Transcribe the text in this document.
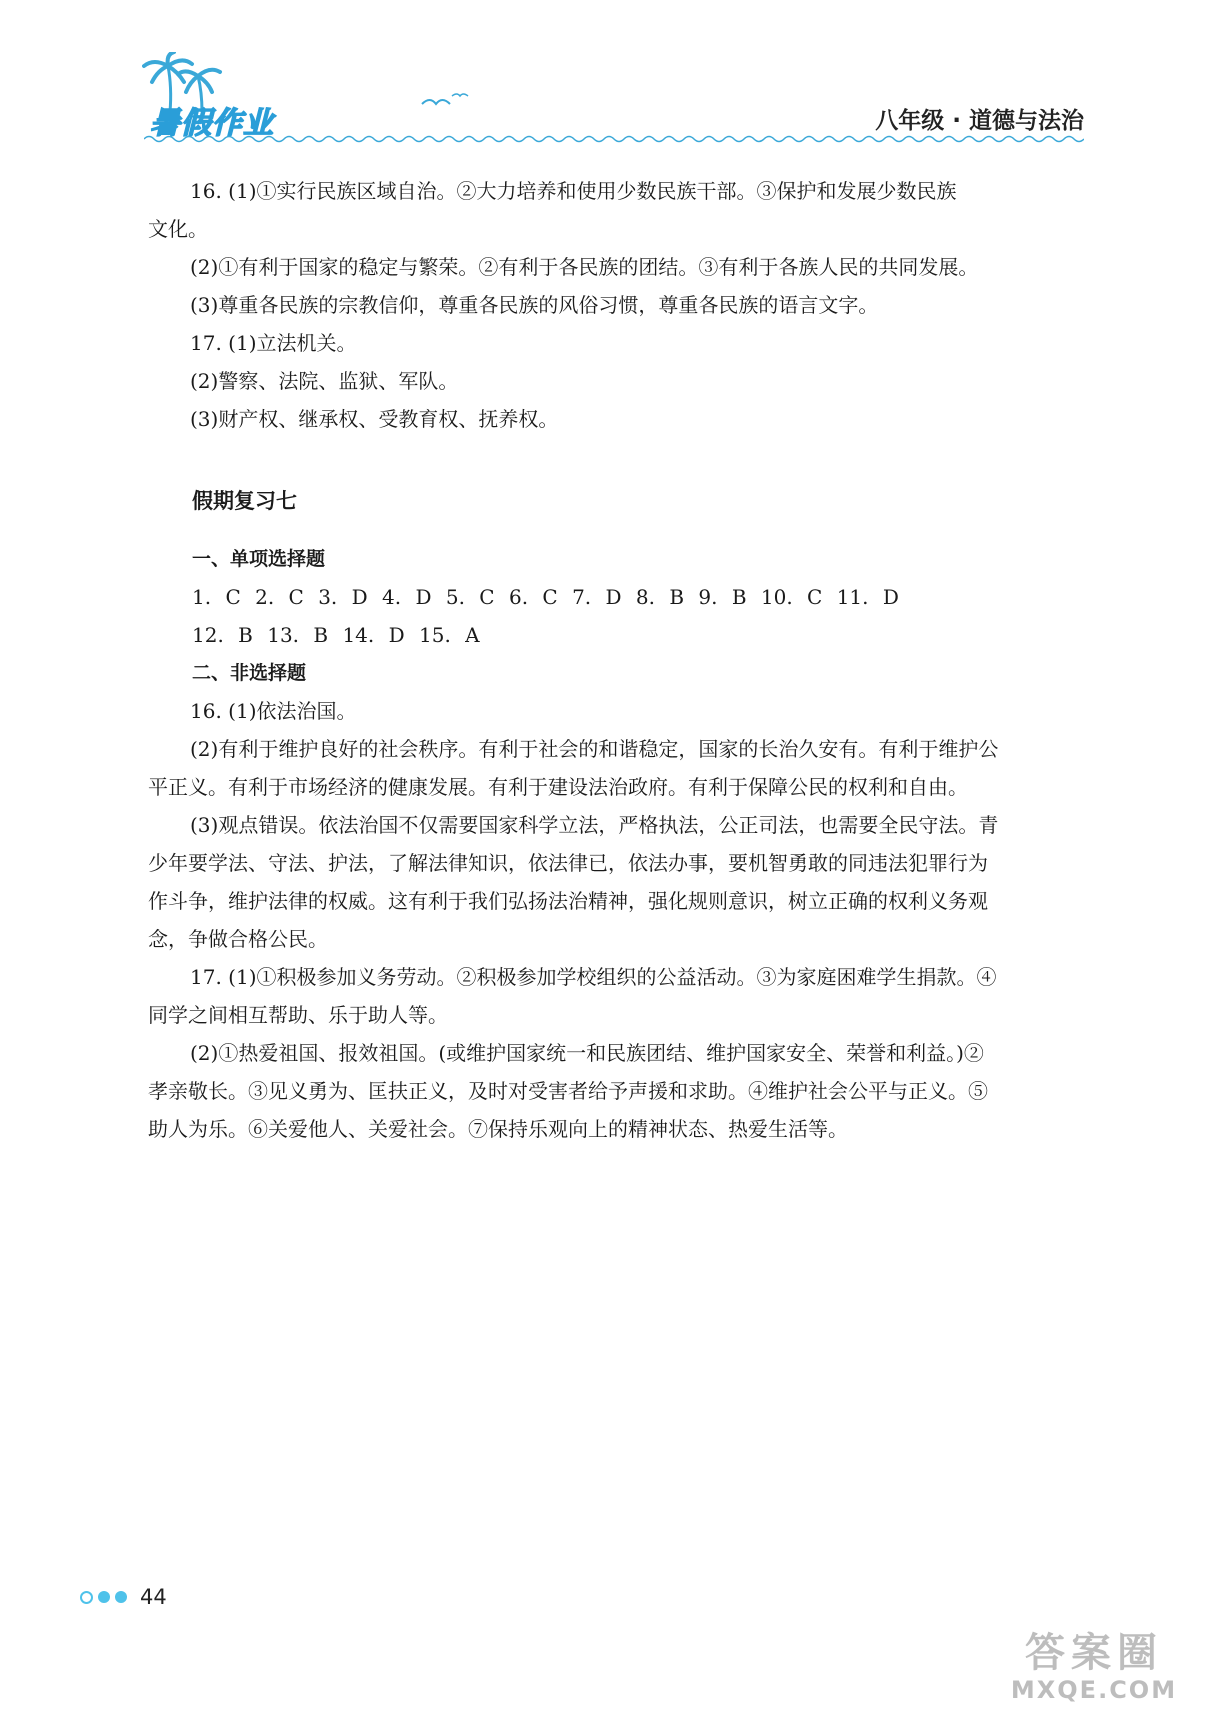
暑假作业	八年级 · 道德与法治

16. (1)①实行民族区域自治。②大力培养和使用少数民族干部。③保护和发展少数民族

文化。

(2)①有利于国家的稳定与繁荣。②有利于各民族的团结。③有利于各族人民的共同发展。

(3)尊重各民族的宗教信仰，尊重各民族的风俗习惯，尊重各民族的语言文字。

17. (1)立法机关。

(2)警察、法院、监狱、军队。

(3)财产权、继承权、受教育权、抚养权。

假期复习七
一、单项选择题

1. C 2. C 3. D 4. D 5. C 6. C 7. D 8. B 9. B 10. C 11. D

12. B 13. B 14. D 15. A

二、非选择题

16. (1)依法治国。

(2)有利于维护良好的社会秩序。有利于社会的和谐稳定，国家的长治久安有。有利于维护公

平正义。有利于市场经济的健康发展。有利于建设法治政府。有利于保障公民的权利和自由。

(3)观点错误。依法治国不仅需要国家科学立法，严格执法，公正司法，也需要全民守法。青

少年要学法、守法、护法，了解法律知识，依法律已，依法办事，要机智勇敢的同违法犯罪行为

作斗争，维护法律的权威。这有利于我们弘扬法治精神，强化规则意识，树立正确的权利义务观

念，争做合格公民。

17. (1)①积极参加义务劳动。②积极参加学校组织的公益活动。③为家庭困难学生捐款。④

同学之间相互帮助、乐于助人等。

(2)①热爱祖国、报效祖国。(或维护国家统一和民族团结、维护国家安全、荣誉和利益。)②

孝亲敬长。③见义勇为、匡扶正义，及时对受害者给予声援和求助。④维护社会公平与正义。⑤

助人为乐。⑥关爱他人、关爱社会。⑦保持乐观向上的精神状态、热爱生活等。

44
答案圈
MXQE.COM
